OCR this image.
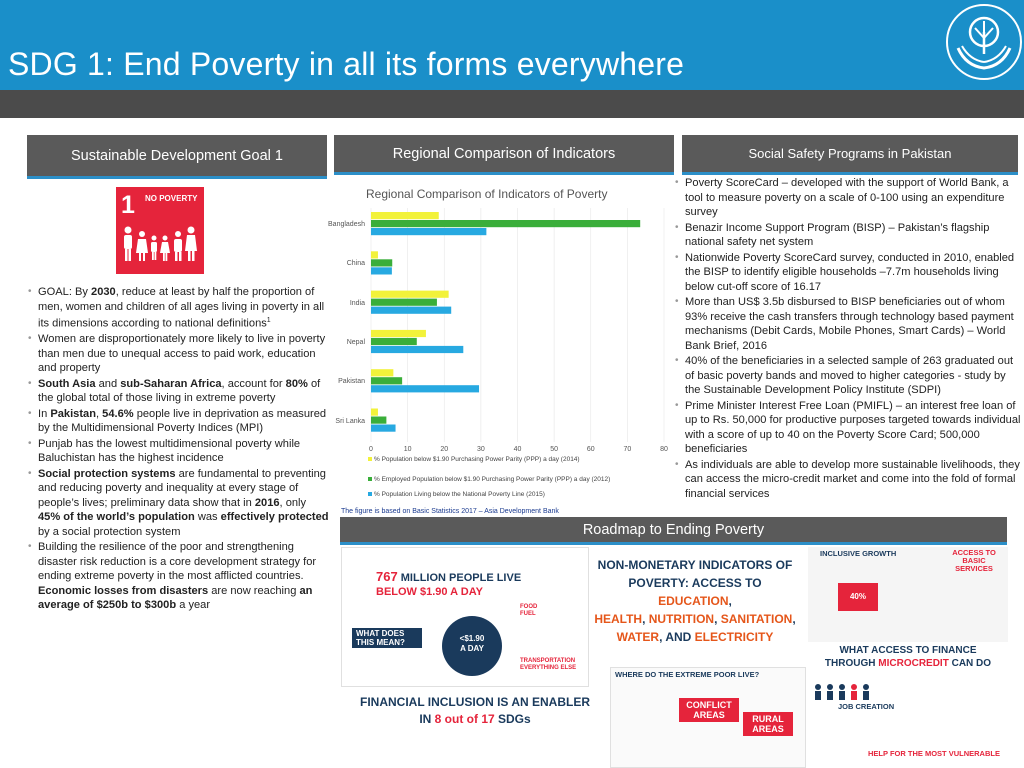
SDG 1: End Poverty in all its forms everywhere
Sustainable Development Goal 1	Regional Comparison of Indicators	Social Safety Programs in Pakistan
Roadmap to Ending Poverty
1 NO POVERTY
• GOAL: By 2030, reduce at least by half the proportion of men, women and children of all ages living in poverty in all its dimensions according to national definitions$^1$
• Women are disproportionately more likely to live in poverty than men due to unequal access to paid work, education and property
• South Asia and sub-Saharan Africa, account for 80% of the global total of those living in extreme poverty
• In Pakistan, 54.6% people live in deprivation as measured by the Multidimensional Poverty Indices (MPI)
• Punjab has the lowest multidimensional poverty while Baluchistan has the highest incidence
• Social protection systems are fundamental to preventing and reducing poverty and inequality at every stage of people’s lives; preliminary data show that in 2016, only 45% of the world’s population was effectively protected by a social protection system
• Building the resilience of the poor and strengthening disaster risk reduction is a core development strategy for ending extreme poverty in the most afflicted countries. Economic losses from disasters are now reaching an average of $250b to $300b a year
Regional Comparison of Indicators of Poverty
0	10	20	30	40	50	60	70	80
Bangladesh
China
India
Nepal
Pakistan
Sri Lanka
% Population below $1.90 Purchasing Power Parity (PPP) a day (2014)
% Employed Population below $1.90 Purchasing Power Parity (PPP) a day (2012)
% Population Living below the National Poverty Line (2015)
The figure is based on Basic Statistics 2017 – Asia Development Bank
• Poverty ScoreCard – developed with the support of World Bank, a tool to measure poverty on a scale of 0-100 using an expenditure survey
• Benazir Income Support Program (BISP) – Pakistan’s flagship national safety net system
• Nationwide Poverty ScoreCard survey, conducted in 2010, enabled the BISP to identify eligible households –7.7m households living below cut-off score of 16.17
• More than US$ 3.5b disbursed to BISP beneficiaries out of whom 93% receive the cash transfers through technology based payment mechanisms (Debit Cards, Mobile Phones, Smart Cards) – World Bank Brief, 2016
• 40% of the beneficiaries in a selected sample of 263 graduated out of basic poverty bands and moved to higher categories - study by the Sustainable Development Policy Institute (SDPI)
• Prime Minister Interest Free Loan (PMIFL) – an interest free loan of up to Rs. 50,000 for productive purposes targeted towards individual with a score of up to 40 on the Poverty Score Card; 500,000 beneficiaries
• As individuals are able to develop more sustainable livelihoods, they can access the micro-credit market and come into the fold of formal financial services
767 MILLION PEOPLE LIVE
BELOW $1.90 A DAY
WHAT DOES THIS MEAN?	<$1.90
A DAY
FOOD
FUEL
TRANSPORTATION
EVERYTHING ELSE
NON-MONETARY INDICATORS OF
POVERTY: ACCESS TO EDUCATION,
HEALTH, NUTRITION, SANITATION,
WATER, AND ELECTRICITY
INCLUSIVE GROWTH	ACCESS TO BASIC SERVICES
40%
WHAT ACCESS TO FINANCE
THROUGH MICROCREDIT CAN DO
FINANCIAL INCLUSION IS AN ENABLER
IN 8 out of 17 SDGs
WHERE DO THE EXTREME POOR LIVE?
CONFLICT AREAS	RURAL AREAS
JOB CREATION
HELP FOR THE MOST VULNERABLE
